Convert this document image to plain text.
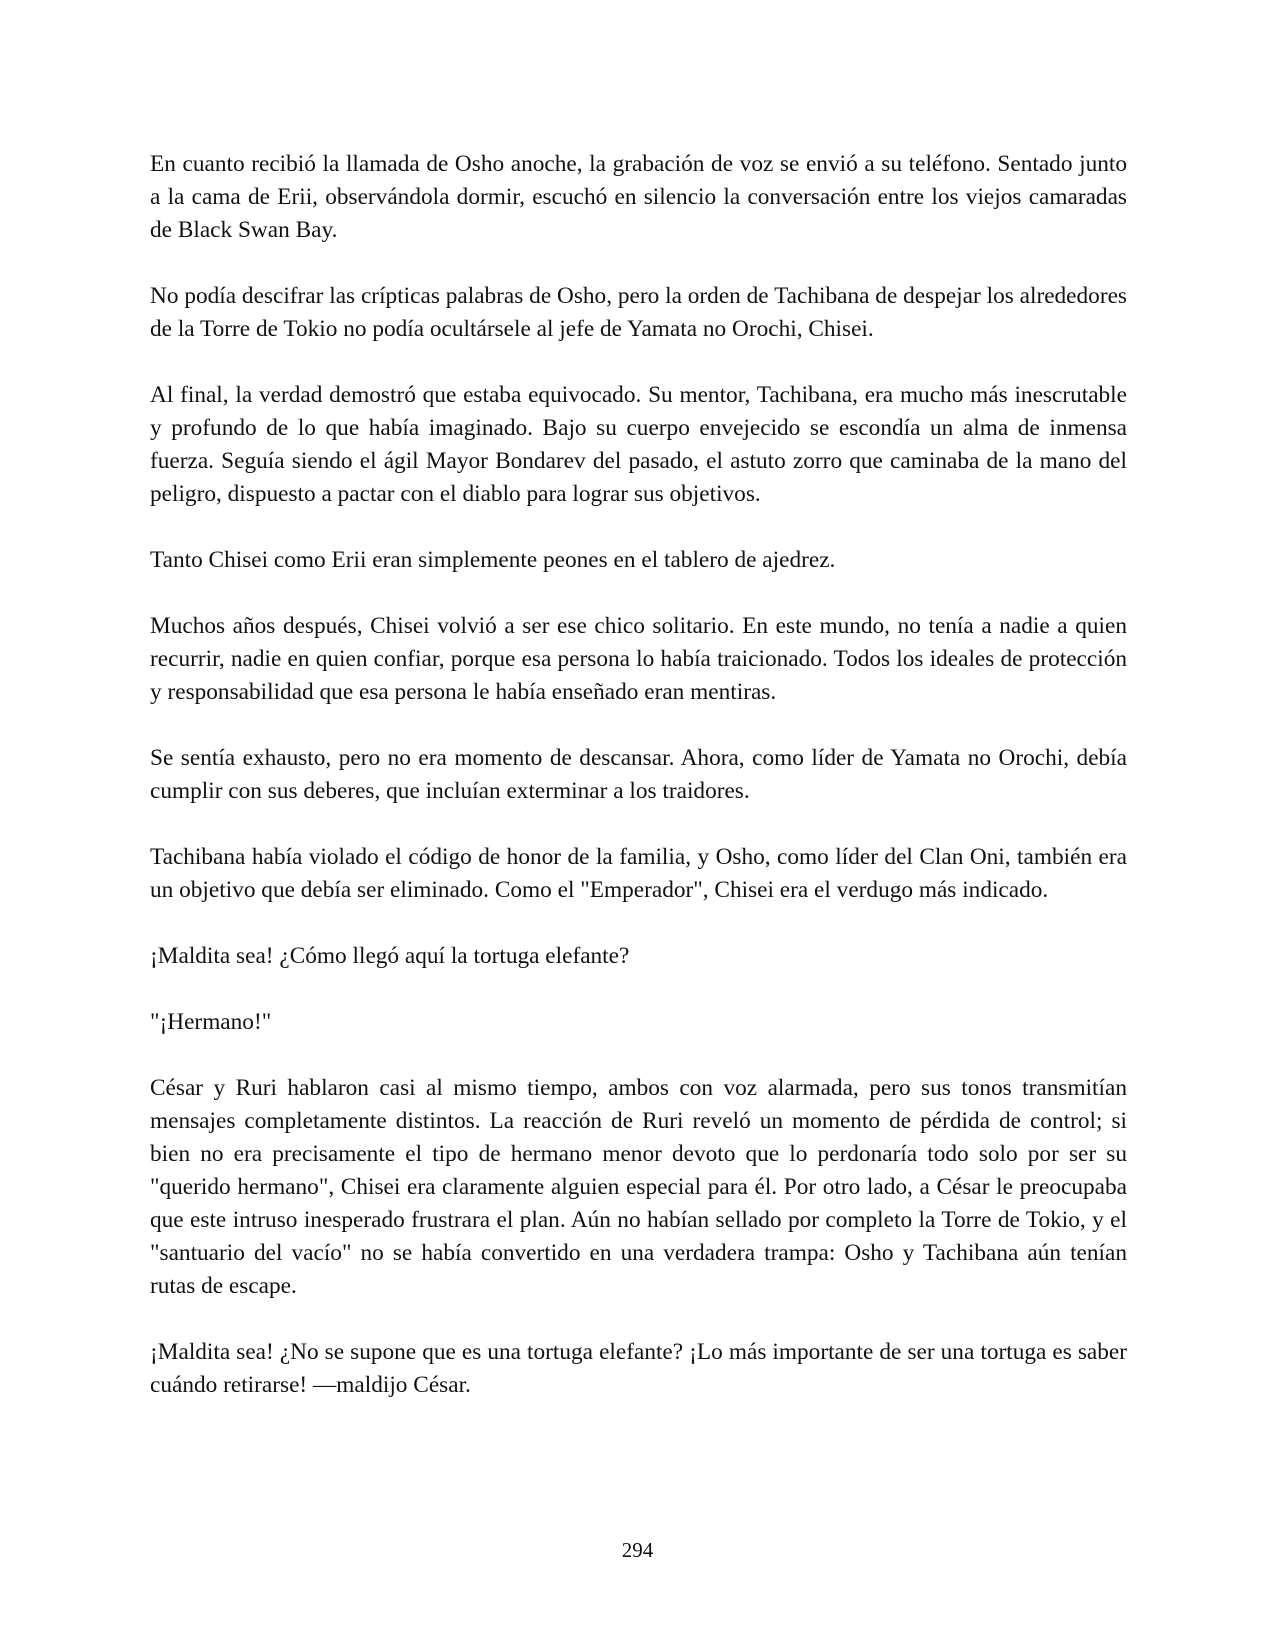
En cuanto recibió la llamada de Osho anoche, la grabación de voz se envió a su teléfono. Sentado junto a la cama de Erii, observándola dormir, escuchó en silencio la conversación entre los viejos camaradas de Black Swan Bay.

No podía descifrar las crípticas palabras de Osho, pero la orden de Tachibana de despejar los alrededores de la Torre de Tokio no podía ocultársele al jefe de Yamata no Orochi, Chisei.

Al final, la verdad demostró que estaba equivocado. Su mentor, Tachibana, era mucho más inescrutable y profundo de lo que había imaginado. Bajo su cuerpo envejecido se escondía un alma de inmensa fuerza. Seguía siendo el ágil Mayor Bondarev del pasado, el astuto zorro que caminaba de la mano del peligro, dispuesto a pactar con el diablo para lograr sus objetivos.

Tanto Chisei como Erii eran simplemente peones en el tablero de ajedrez.

Muchos años después, Chisei volvió a ser ese chico solitario. En este mundo, no tenía a nadie a quien recurrir, nadie en quien confiar, porque esa persona lo había traicionado. Todos los ideales de protección y responsabilidad que esa persona le había enseñado eran mentiras.

Se sentía exhausto, pero no era momento de descansar. Ahora, como líder de Yamata no Orochi, debía cumplir con sus deberes, que incluían exterminar a los traidores.

Tachibana había violado el código de honor de la familia, y Osho, como líder del Clan Oni, también era un objetivo que debía ser eliminado. Como el "Emperador", Chisei era el verdugo más indicado.

¡Maldita sea! ¿Cómo llegó aquí la tortuga elefante?

"¡Hermano!"

César y Ruri hablaron casi al mismo tiempo, ambos con voz alarmada, pero sus tonos transmitían mensajes completamente distintos. La reacción de Ruri reveló un momento de pérdida de control; si bien no era precisamente el tipo de hermano menor devoto que lo perdonaría todo solo por ser su "querido hermano", Chisei era claramente alguien especial para él. Por otro lado, a César le preocupaba que este intruso inesperado frustrara el plan. Aún no habían sellado por completo la Torre de Tokio, y el "santuario del vacío" no se había convertido en una verdadera trampa: Osho y Tachibana aún tenían rutas de escape.

¡Maldita sea! ¿No se supone que es una tortuga elefante? ¡Lo más importante de ser una tortuga es saber cuándo retirarse! —maldijo César.

294
